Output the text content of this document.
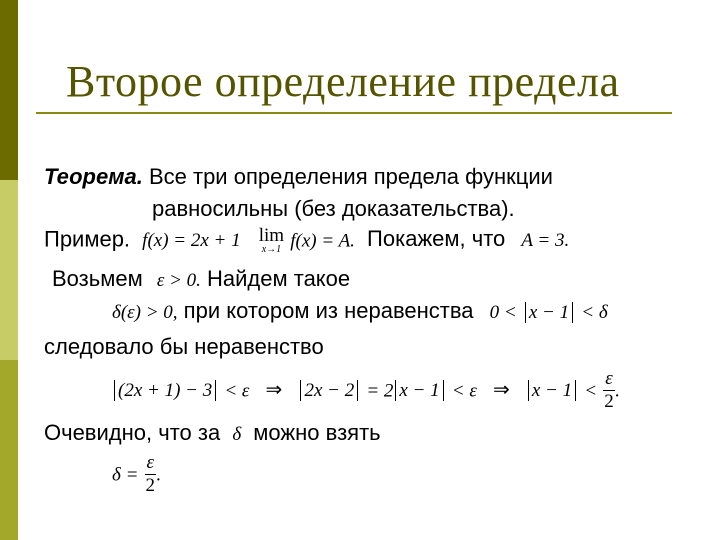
Второе определение предела
Теорема. Все три определения предела функции
равносильны (без доказательства).
Пример. f(x) = 2x + 1 lim
x→1 f(x) = A. Покажем, что A = 3.
Возьмем ε > 0. Найдем такое
δ(ε) > 0, при котором из неравенства 0 < x − 1 < δ
следовало бы неравенство
(2x + 1) − 3 < ε ⇒ 2x − 2 = 2 x − 1 < ε ⇒ $x - 1 < \frac{\varepsilon}{2}$ .
Очевидно, что за δ можно взять
$\delta = \frac{\varepsilon}{2}$ .
